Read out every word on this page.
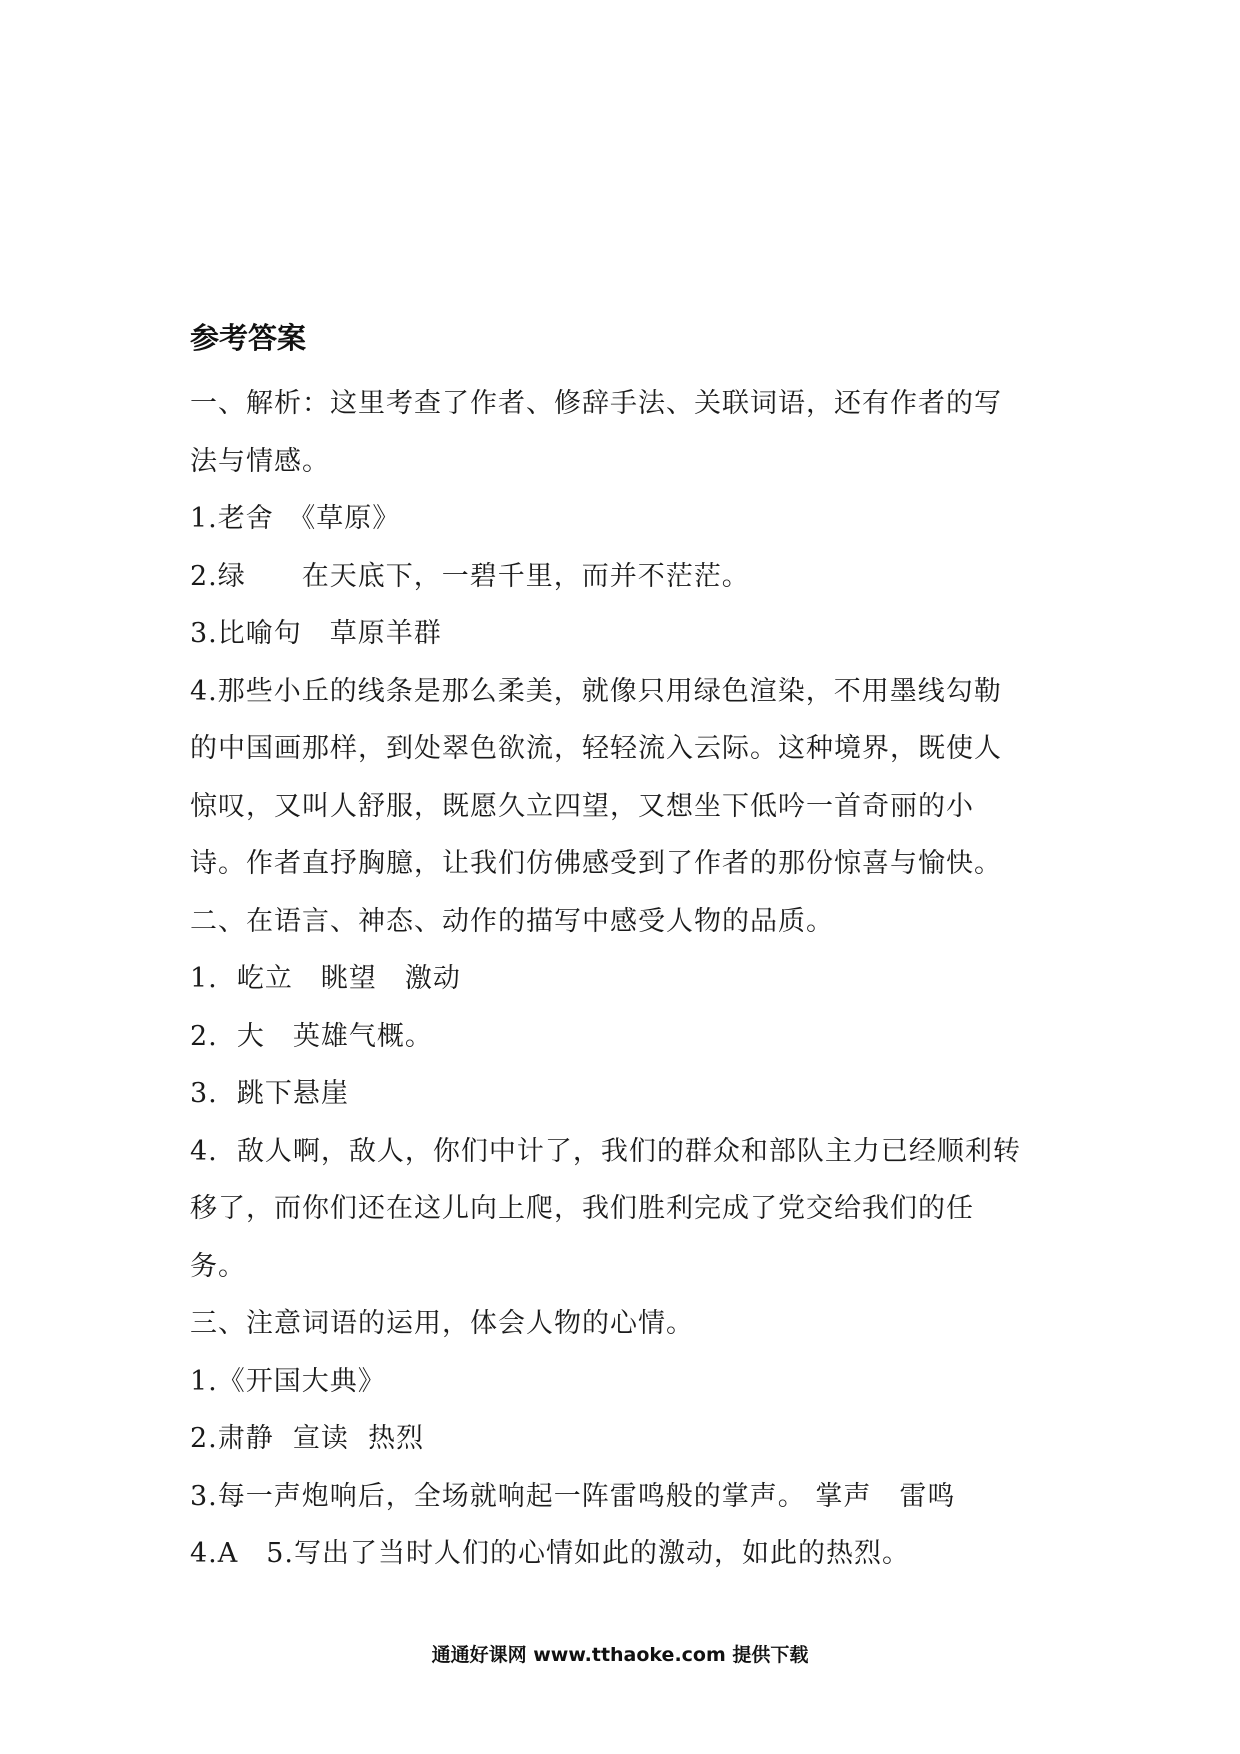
参考答案
一、解析：这里考查了作者、修辞手法、关联词语，还有作者的写
法与情感。
1.老舍　《草原》
2.绿　　在天底下，一碧千里，而并不茫茫。
3.比喻句　草原羊群
4.那些小丘的线条是那么柔美，就像只用绿色渲染，不用墨线勾勒
的中国画那样，到处翠色欲流，轻轻流入云际。这种境界，既使人
惊叹，又叫人舒服，既愿久立四望，又想坐下低吟一首奇丽的小
诗。作者直抒胸臆，让我们仿佛感受到了作者的那份惊喜与愉快。
二、在语言、神态、动作的描写中感受人物的品质。
1.  屹立　眺望　激动
2.  大　英雄气概。
3.  跳下悬崖
4.  敌人啊，敌人，你们中计了，我们的群众和部队主力已经顺利转
移了，而你们还在这儿向上爬，我们胜利完成了党交给我们的任
务。
三、注意词语的运用，体会人物的心情。
1.《开国大典》
2.肃静  宣读  热烈
3.每一声炮响后，全场就响起一阵雷鸣般的掌声。 掌声　雷鸣
4.A　5.写出了当时人们的心情如此的激动，如此的热烈。
通通好课网 www.tthaoke.com 提供下载
